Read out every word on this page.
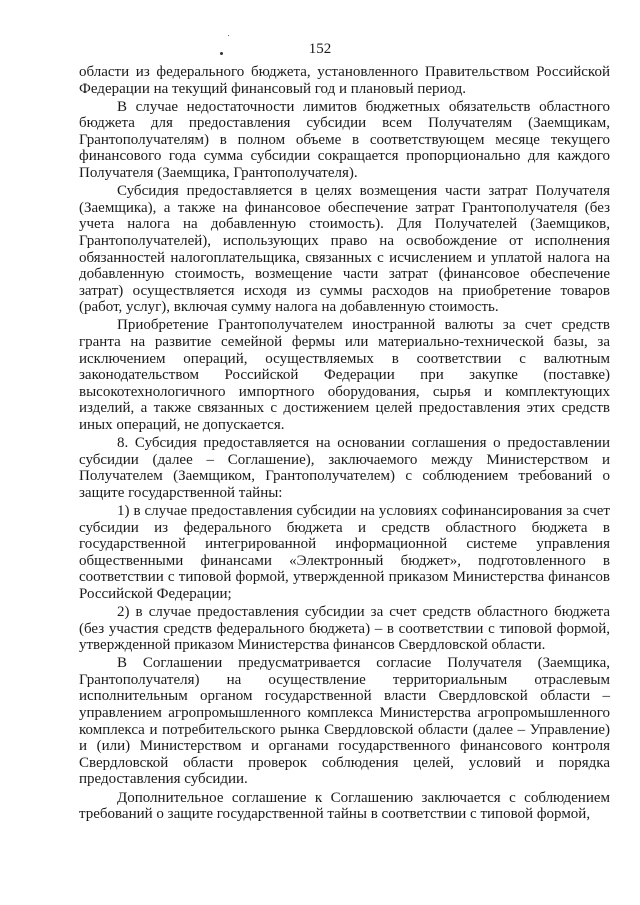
152

области из федерального бюджета, установленного Правительством Российской Федерации на текущий финансовый год и плановый период.

В случае недостаточности лимитов бюджетных обязательств областного бюджета для предоставления субсидии всем Получателям (Заемщикам, Грантополучателям) в полном объеме в соответствующем месяце текущего финансового года сумма субсидии сокращается пропорционально для каждого Получателя (Заемщика, Грантополучателя).

Субсидия предоставляется в целях возмещения части затрат Получателя (Заемщика), а также на финансовое обеспечение затрат Грантополучателя (без учета налога на добавленную стоимость). Для Получателей (Заемщиков, Грантополучателей), использующих право на освобождение от исполнения обязанностей налогоплательщика, связанных с исчислением и уплатой налога на добавленную стоимость, возмещение части затрат (финансовое обеспечение затрат) осуществляется исходя из суммы расходов на приобретение товаров (работ, услуг), включая сумму налога на добавленную стоимость.

Приобретение Грантополучателем иностранной валюты за счет средств гранта на развитие семейной фермы или материально-технической базы, за исключением операций, осуществляемых в соответствии с валютным законодательством Российской Федерации при закупке (поставке) высокотехнологичного импортного оборудования, сырья и комплектующих изделий, а также связанных с достижением целей предоставления этих средств иных операций, не допускается.

8. Субсидия предоставляется на основании соглашения о предоставлении субсидии (далее – Соглашение), заключаемого между Министерством и Получателем (Заемщиком, Грантополучателем) с соблюдением требований о защите государственной тайны:

1) в случае предоставления субсидии на условиях софинансирования за счет субсидии из федерального бюджета и средств областного бюджета в государственной интегрированной информационной системе управления общественными финансами «Электронный бюджет», подготовленного в соответствии с типовой формой, утвержденной приказом Министерства финансов Российской Федерации;

2) в случае предоставления субсидии за счет средств областного бюджета (без участия средств федерального бюджета) – в соответствии с типовой формой, утвержденной приказом Министерства финансов Свердловской области.

В Соглашении предусматривается согласие Получателя (Заемщика, Грантополучателя) на осуществление территориальным отраслевым исполнительным органом государственной власти Свердловской области – управлением агропромышленного комплекса Министерства агропромышленного комплекса и потребительского рынка Свердловской области (далее – Управление) и (или) Министерством и органами государственного финансового контроля Свердловской области проверок соблюдения целей, условий и порядка предоставления субсидии.

Дополнительное соглашение к Соглашению заключается с соблюдением требований о защите государственной тайны в соответствии с типовой формой,
